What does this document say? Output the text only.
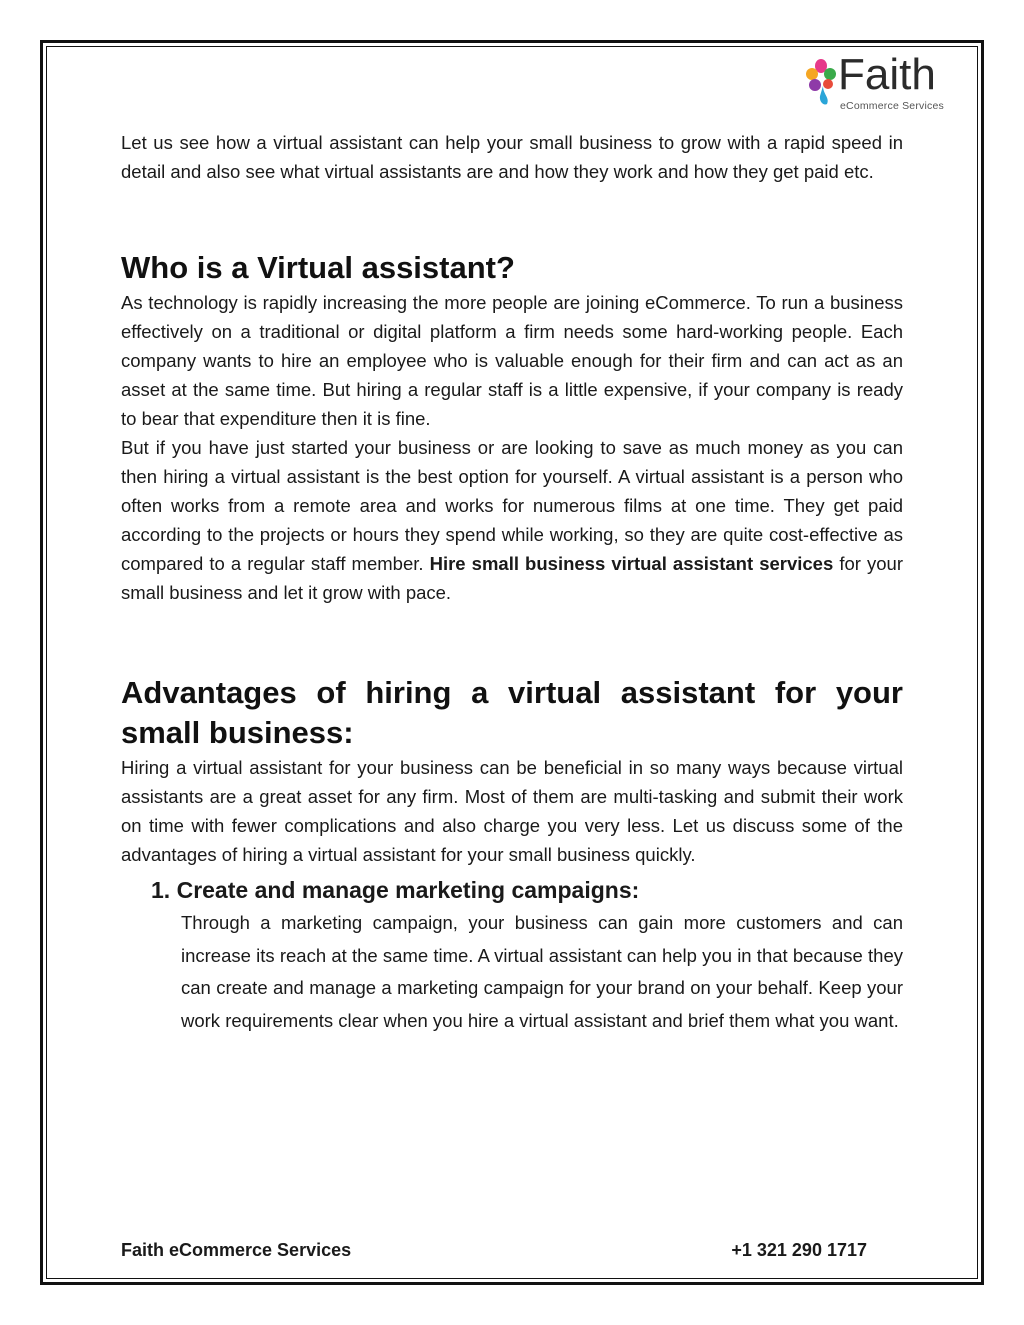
Faith
eCommerce Services

Let us see how a virtual assistant can help your small business to grow with a rapid speed in detail and also see what virtual assistants are and how they work and how they get paid etc.

Who is a Virtual assistant?

As technology is rapidly increasing the more people are joining eCommerce. To run a business effectively on a traditional or digital platform a firm needs some hard-working people. Each company wants to hire an employee who is valuable enough for their firm and can act as an asset at the same time. But hiring a regular staff is a little expensive, if your company is ready to bear that expenditure then it is fine.

But if you have just started your business or are looking to save as much money as you can then hiring a virtual assistant is the best option for yourself. A virtual assistant is a person who often works from a remote area and works for numerous films at one time. They get paid according to the projects or hours they spend while working, so they are quite cost-effective as compared to a regular staff member. Hire small business virtual assistant services for your small business and let it grow with pace.

Advantages of hiring a virtual assistant for your small business:

Hiring a virtual assistant for your business can be beneficial in so many ways because virtual assistants are a great asset for any firm. Most of them are multi-tasking and submit their work on time with fewer complications and also charge you very less. Let us discuss some of the advantages of hiring a virtual assistant for your small business quickly.

1. Create and manage marketing campaigns:

Through a marketing campaign, your business can gain more customers and can increase its reach at the same time. A virtual assistant can help you in that because they can create and manage a marketing campaign for your brand on your behalf. Keep your work requirements clear when you hire a virtual assistant and brief them what you want.

Faith eCommerce Services	+1 321 290 1717
